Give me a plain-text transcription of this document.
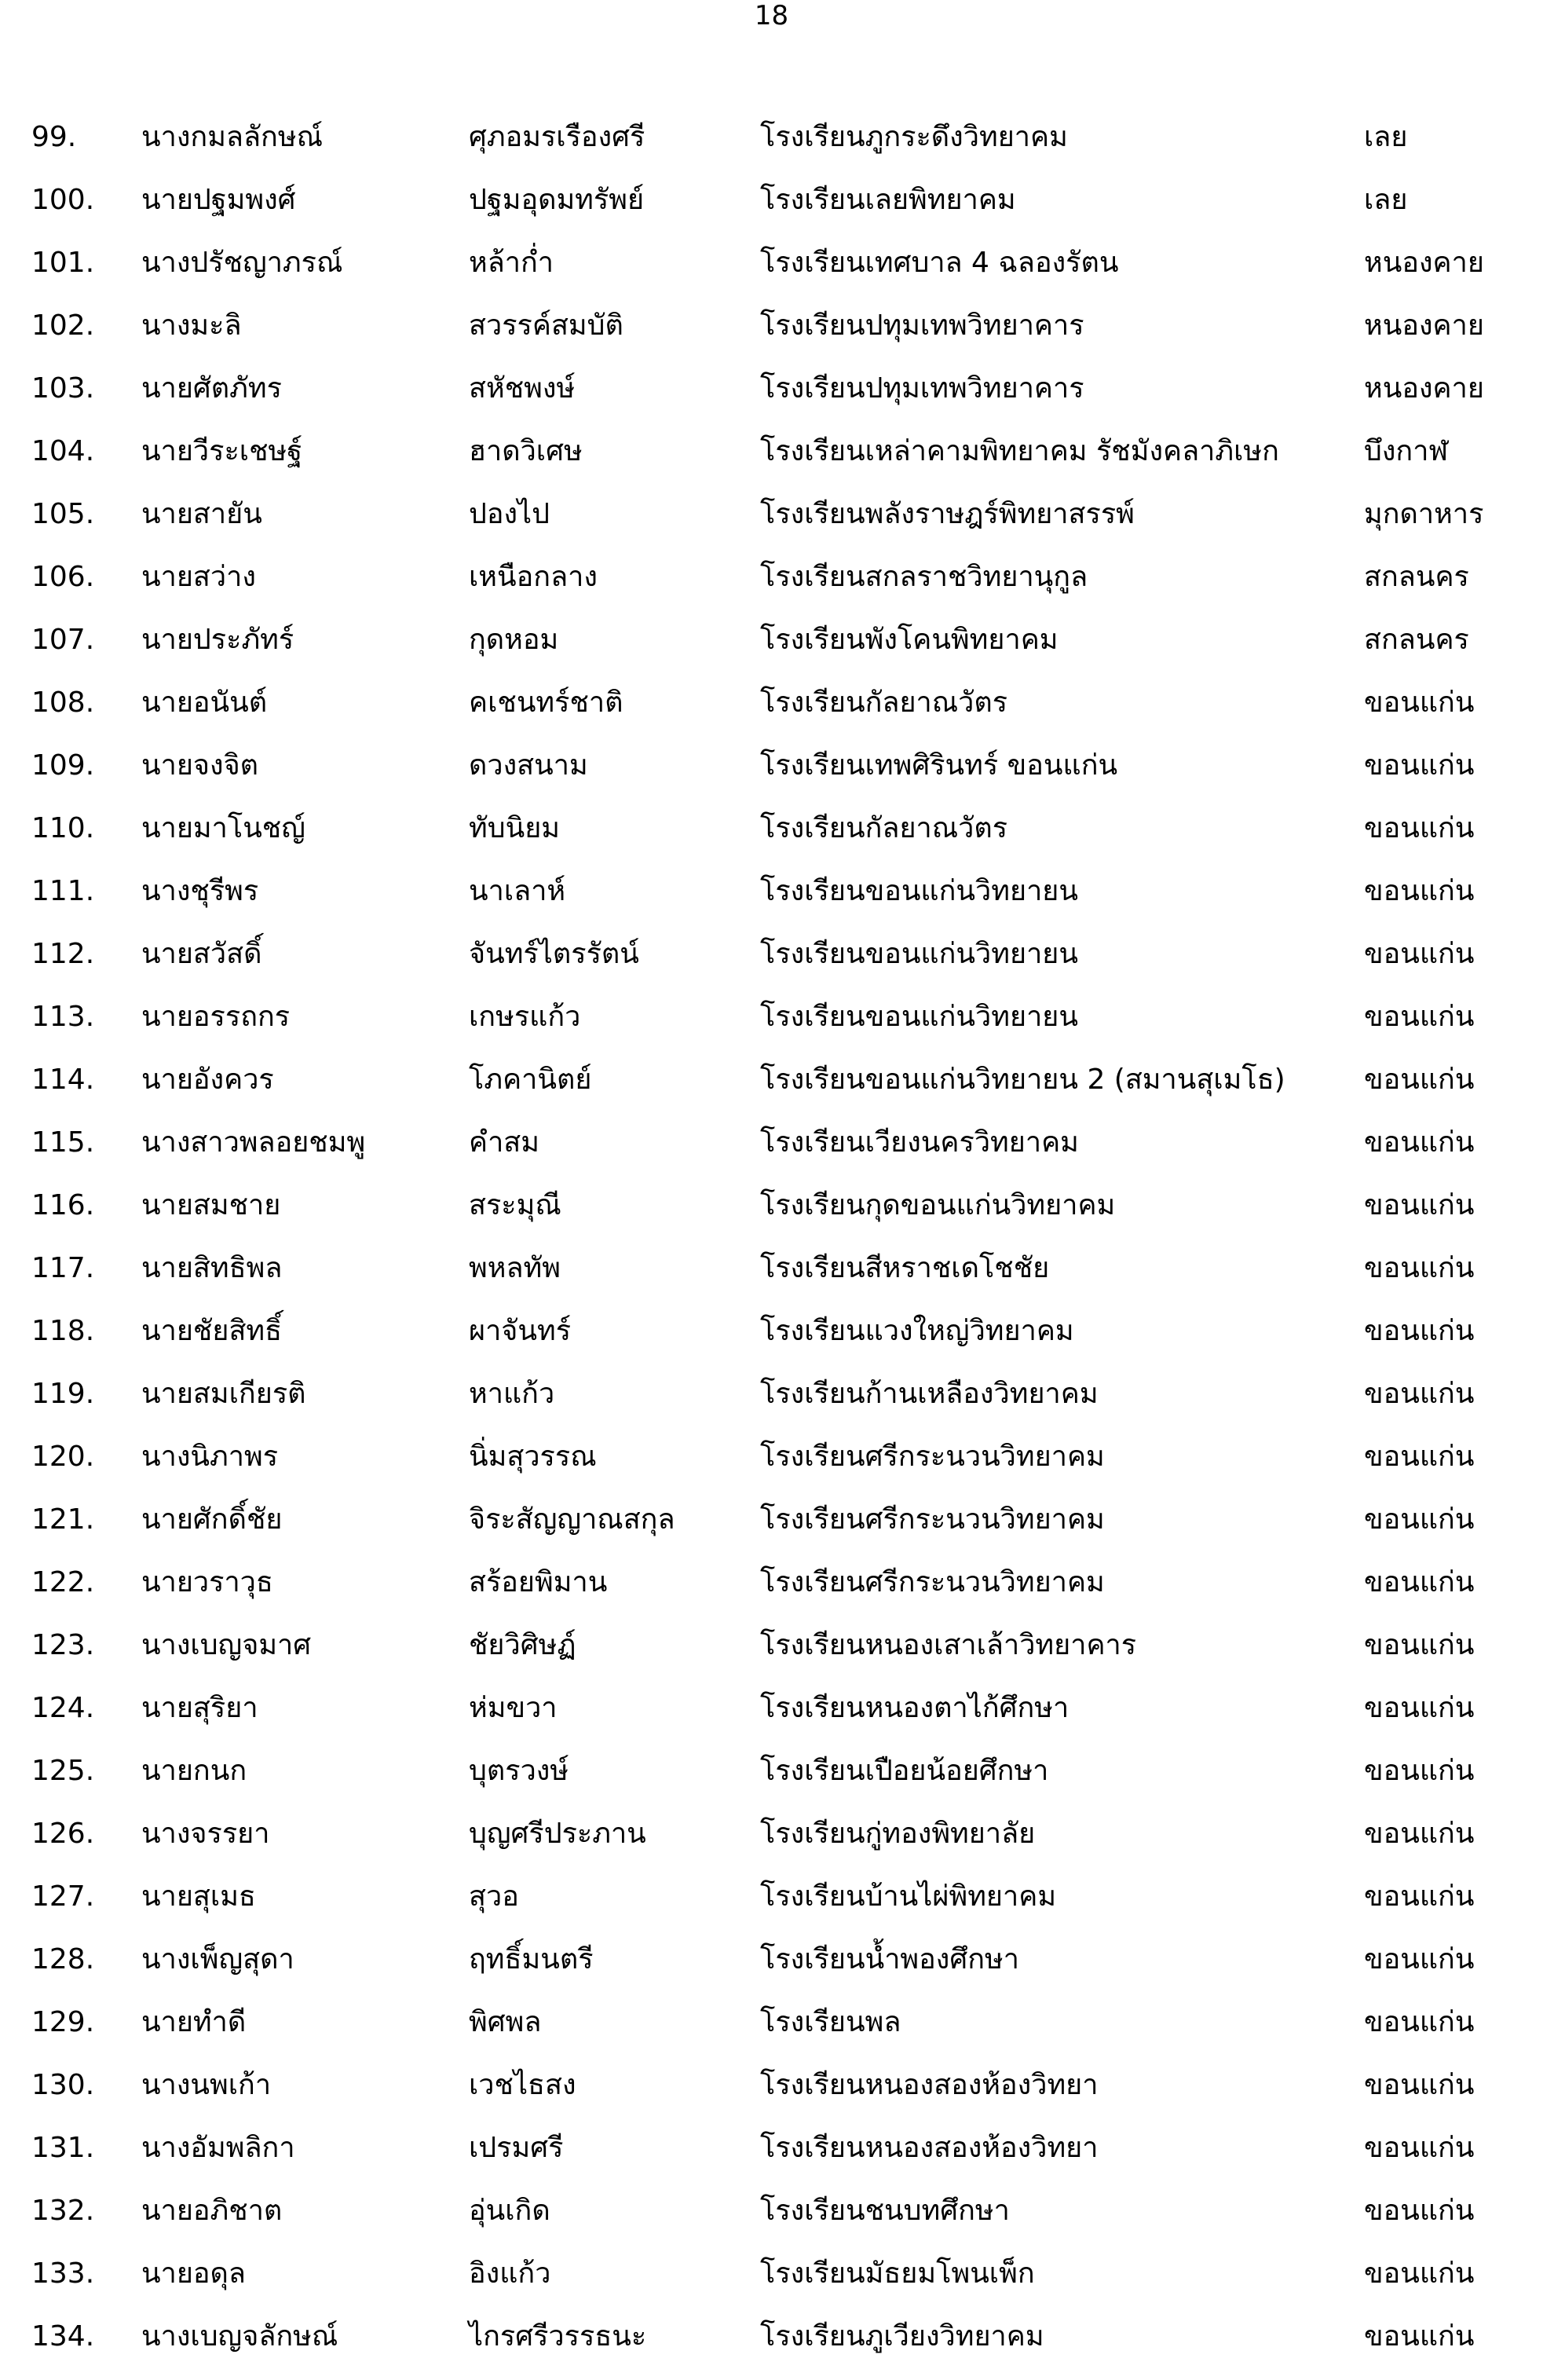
18
99.	นางกมลลักษณ์	ศุภอมรเรืองศรี	โรงเรียนภูกระดึงวิทยาคม	เลย
100.	นายปฐมพงศ์	ปฐมอุดมทรัพย์	โรงเรียนเลยพิทยาคม	เลย
101.	นางปรัชญาภรณ์	หล้าก่ำ	โรงเรียนเทศบาล 4 ฉลองรัตน	หนองคาย
102.	นางมะลิ	สวรรค์สมบัติ	โรงเรียนปทุมเทพวิทยาคาร	หนองคาย
103.	นายศัตภัทร	สหัชพงษ์	โรงเรียนปทุมเทพวิทยาคาร	หนองคาย
104.	นายวีระเชษฐ์	ฮาดวิเศษ	โรงเรียนเหล่าคามพิทยาคม รัชมังคลาภิเษก	บึงกาฬ
105.	นายสายัน	ปองไป	โรงเรียนพลังราษฎร์พิทยาสรรพ์	มุกดาหาร
106.	นายสว่าง	เหนือกลาง	โรงเรียนสกลราชวิทยานุกูล	สกลนคร
107.	นายประภัทร์	กุดหอม	โรงเรียนพังโคนพิทยาคม	สกลนคร
108.	นายอนันต์	คเชนทร์ชาติ	โรงเรียนกัลยาณวัตร	ขอนแก่น
109.	นายจงจิต	ดวงสนาม	โรงเรียนเทพศิรินทร์ ขอนแก่น	ขอนแก่น
110.	นายมาโนชญ์	ทับนิยม	โรงเรียนกัลยาณวัตร	ขอนแก่น
111.	นางชุรีพร	นาเลาห์	โรงเรียนขอนแก่นวิทยายน	ขอนแก่น
112.	นายสวัสดิ์	จันทร์ไตรรัตน์	โรงเรียนขอนแก่นวิทยายน	ขอนแก่น
113.	นายอรรถกร	เกษรแก้ว	โรงเรียนขอนแก่นวิทยายน	ขอนแก่น
114.	นายอังควร	โภคานิตย์	โรงเรียนขอนแก่นวิทยายน 2 (สมานสุเมโธ)	ขอนแก่น
115.	นางสาวพลอยชมพู	คำสม	โรงเรียนเวียงนครวิทยาคม	ขอนแก่น
116.	นายสมชาย	สระมุณี	โรงเรียนกุดขอนแก่นวิทยาคม	ขอนแก่น
117.	นายสิทธิพล	พหลทัพ	โรงเรียนสีหราชเดโชชัย	ขอนแก่น
118.	นายชัยสิทธิ์	ผาจันทร์	โรงเรียนแวงใหญ่วิทยาคม	ขอนแก่น
119.	นายสมเกียรติ	หาแก้ว	โรงเรียนก้านเหลืองวิทยาคม	ขอนแก่น
120.	นางนิภาพร	นิ่มสุวรรณ	โรงเรียนศรีกระนวนวิทยาคม	ขอนแก่น
121.	นายศักดิ์ชัย	จิระสัญญาณสกุล	โรงเรียนศรีกระนวนวิทยาคม	ขอนแก่น
122.	นายวราวุธ	สร้อยพิมาน	โรงเรียนศรีกระนวนวิทยาคม	ขอนแก่น
123.	นางเบญจมาศ	ชัยวิศิษฏ์	โรงเรียนหนองเสาเล้าวิทยาคาร	ขอนแก่น
124.	นายสุริยา	ห่มขวา	โรงเรียนหนองตาไก้ศึกษา	ขอนแก่น
125.	นายกนก	บุตรวงษ์	โรงเรียนเปือยน้อยศึกษา	ขอนแก่น
126.	นางจรรยา	บุญศรีประภาน	โรงเรียนกู่ทองพิทยาลัย	ขอนแก่น
127.	นายสุเมธ	สุวอ	โรงเรียนบ้านไผ่พิทยาคม	ขอนแก่น
128.	นางเพ็ญสุดา	ฤทธิ์มนตรี	โรงเรียนน้ำพองศึกษา	ขอนแก่น
129.	นายทำดี	พิศพล	โรงเรียนพล	ขอนแก่น
130.	นางนพเก้า	เวชไธสง	โรงเรียนหนองสองห้องวิทยา	ขอนแก่น
131.	นางอัมพลิกา	เปรมศรี	โรงเรียนหนองสองห้องวิทยา	ขอนแก่น
132.	นายอภิชาต	อุ่นเกิด	โรงเรียนชนบทศึกษา	ขอนแก่น
133.	นายอดุล	อิงแก้ว	โรงเรียนมัธยมโพนเพ็ก	ขอนแก่น
134.	นางเบญจลักษณ์	ไกรศรีวรรธนะ	โรงเรียนภูเวียงวิทยาคม	ขอนแก่น
